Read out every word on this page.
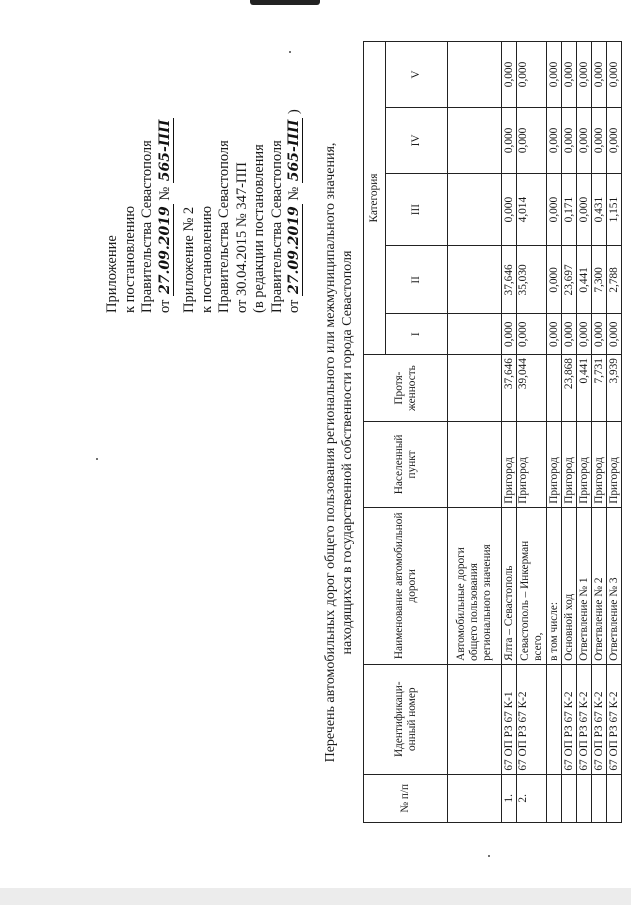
Приложение к постановлению Правительства Севастополя от 27.09.2019 № 565-ПП
Приложение № 2 к постановлению Правительства Севастополя от 30.04.2015 № 347-ПП (в редакции постановления Правительства Севастополя от 27.09.2019 № 565-ПП )
Перечень автомобильных дорог общего пользования регионального или межмуниципального значения, находящихся в государственной собственности города Севастополя
№ п/п	Идентификаци-онный номер	Наименование автомобильной дороги	Населенный пункт	Протя-женность	Категория				
					I	II	III	IV	V
		Автомобильные дороги общего пользования регионального значения							
1.	67 ОП РЗ 67 К-1	Ялта – Севастополь	Пригород	37,646	0,000	37,646	0,000	0,000	0,000
2.	67 ОП РЗ 67 К-2	Севастополь – Инкерман всего,	Пригород	39,044	0,000	35,030	4,014	0,000	0,000
		в том числе:	Пригород		0,000	0,000	0,000	0,000	0,000
	67 ОП РЗ 67 К-2	Основной ход	Пригород	23,868	0,000	23,697	0,171	0,000	0,000
	67 ОП РЗ 67 К-2	Ответвление № 1	Пригород	0,441	0,000	0,441	0,000	0,000	0,000
	67 ОП РЗ 67 К-2	Ответвление № 2	Пригород	7,731	0,000	7,300	0,431	0,000	0,000
	67 ОП РЗ 67 К-2	Ответвление № 3	Пригород	3,939	0,000	2,788	1,151	0,000	0,000
